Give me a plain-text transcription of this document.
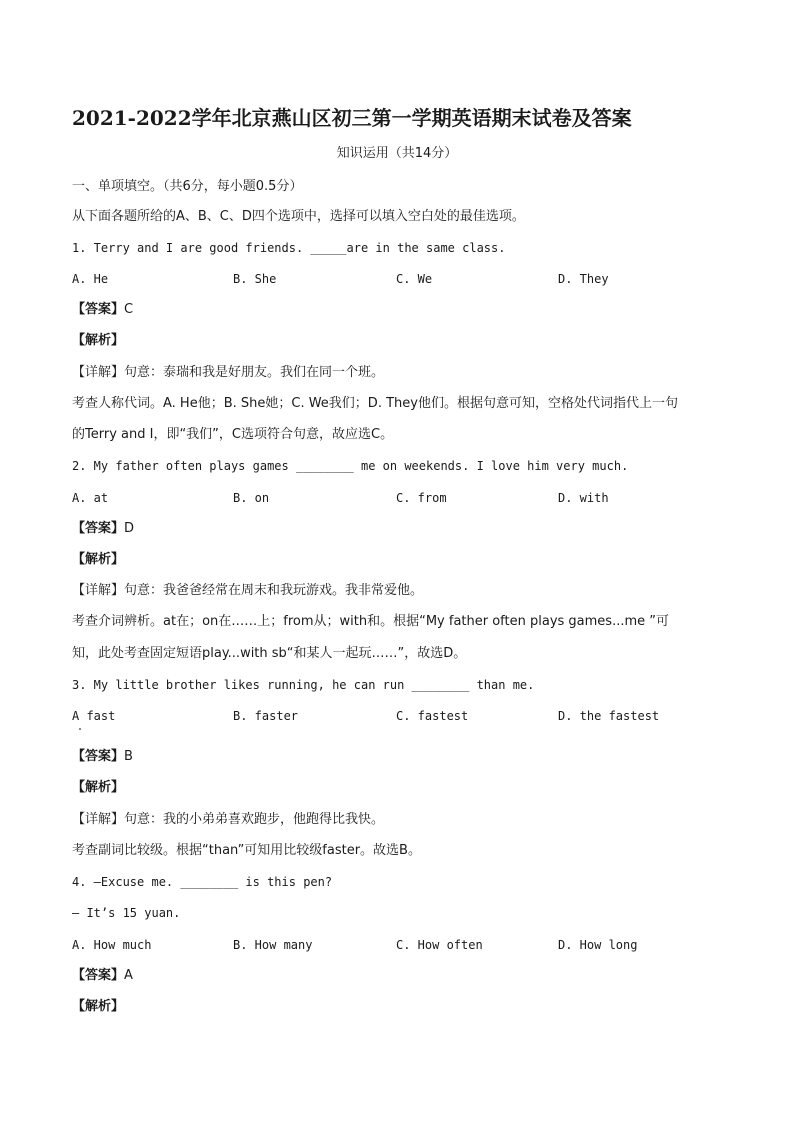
2021-2022学年北京燕山区初三第一学期英语期末试卷及答案
知识运用（共14分）
一、单项填空。（共6分，每小题0.5分）
从下面各题所给的A、B、C、D四个选项中，选择可以填入空白处的最佳选项。
1. Terry and I are good friends. _____are in the same class.
A. He	B. She	C. We	D. They
【答案】C
【解析】
【详解】句意：泰瑞和我是好朋友。我们在同一个班。
考查人称代词。A. He他；B. She她；C. We我们；D. They他们。根据句意可知，空格处代词指代上一句
的Terry and I，即“我们”，C选项符合句意，故应选C。
2. My father often plays games ________ me on weekends. I love him very much.
A. at	B. on	C. from	D. with
【答案】D
【解析】
【详解】句意：我爸爸经常在周末和我玩游戏。我非常爱他。
考查介词辨析。at在；on在……上；from从；with和。根据“My father often plays games...me ”可
知，此处考查固定短语play...with sb“和某人一起玩……”，故选D。
3. My little brother likes running, he can run ________ than me.
A fast	B. faster	C. fastest	D. the fastest
【答案】B
【解析】
【详解】句意：我的小弟弟喜欢跑步，他跑得比我快。
考查副词比较级。根据“than”可知用比较级faster。故选B。
4. —Excuse me. ________ is this pen?
— It’s 15 yuan.
A. How much	B. How many	C. How often	D. How long
【答案】A
【解析】
